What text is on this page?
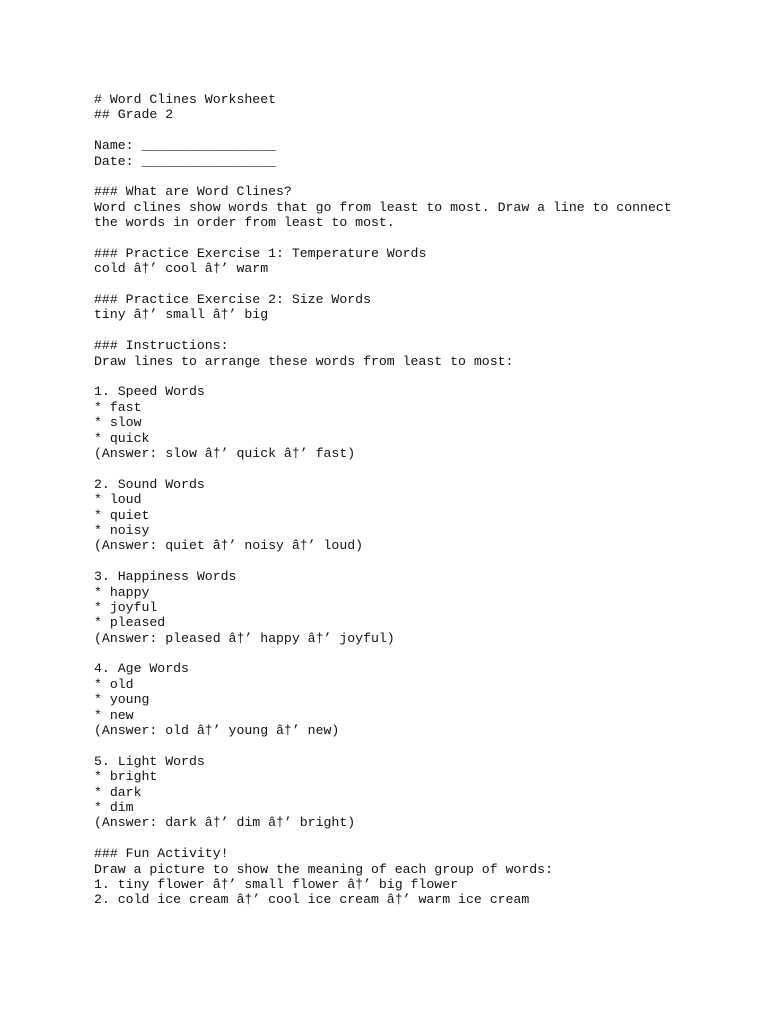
# Word Clines Worksheet
## Grade 2
Name: _________________
Date: _________________
### What are Word Clines?
Word clines show words that go from least to most. Draw a line to connect
the words in order from least to most.
### Practice Exercise 1: Temperature Words
cold â†’ cool â†’ warm
### Practice Exercise 2: Size Words
tiny â†’ small â†’ big
### Instructions:
Draw lines to arrange these words from least to most:
1. Speed Words
* fast
* slow
* quick
(Answer: slow â†’ quick â†’ fast)
2. Sound Words
* loud
* quiet
* noisy
(Answer: quiet â†’ noisy â†’ loud)
3. Happiness Words
* happy
* joyful
* pleased
(Answer: pleased â†’ happy â†’ joyful)
4. Age Words
* old
* young
* new
(Answer: old â†’ young â†’ new)
5. Light Words
* bright
* dark
* dim
(Answer: dark â†’ dim â†’ bright)
### Fun Activity!
Draw a picture to show the meaning of each group of words:
1. tiny flower â†’ small flower â†’ big flower
2. cold ice cream â†’ cool ice cream â†’ warm ice cream
